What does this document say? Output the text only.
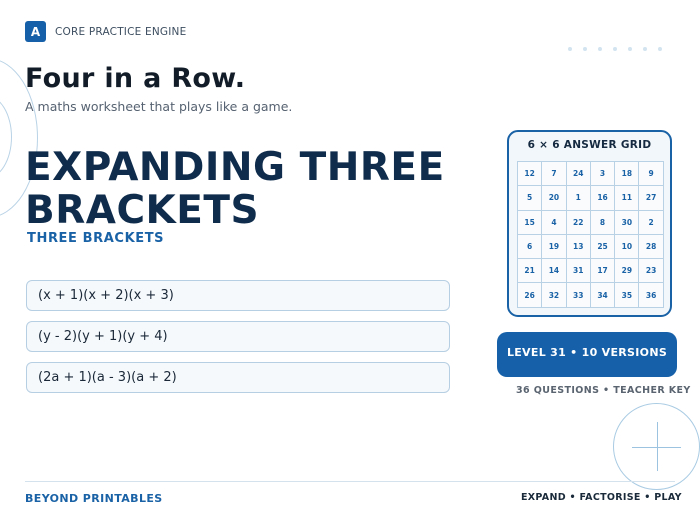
A	CORE PRACTICE ENGINE
Four in a Row.

A maths worksheet that plays like a game.

EXPANDING THREE BRACKETS
THREE BRACKETS
(x + 1)(x + 2)(x + 3)
(y - 2)(y + 1)(y + 4)
(2a + 1)(a - 3)(a + 2)
6 × 6 ANSWER GRID
12	7	24	3	18	9
5	20	1	16	11	27
15	4	22	8	30	2
6	19	13	25	10	28
21	14	31	17	29	23
26	32	33	34	35	36
LEVEL 31 • 10 VERSIONS
36 QUESTIONS • TEACHER KEY
BEYOND PRINTABLES	EXPAND • FACTORISE • PLAY
